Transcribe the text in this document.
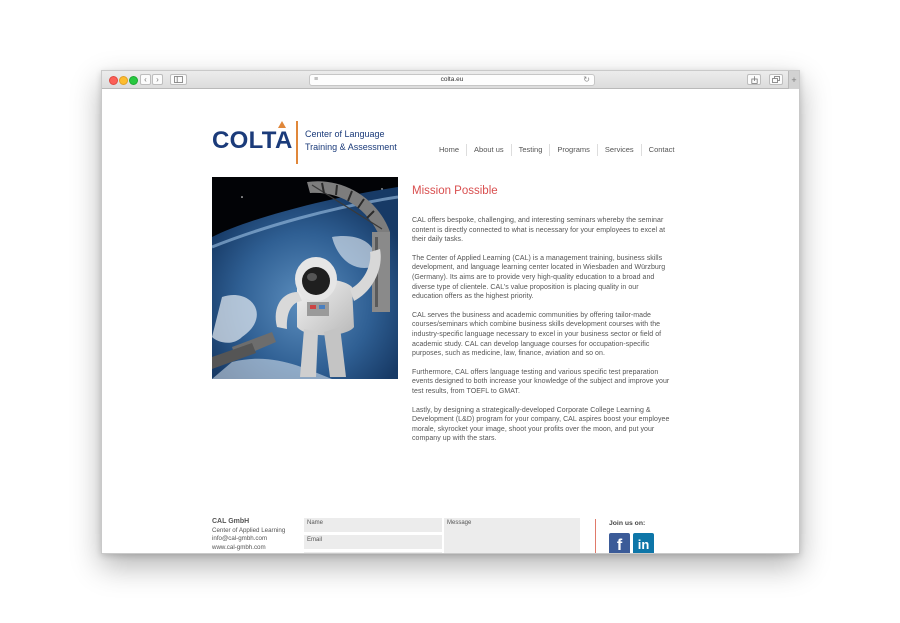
‹	›	≡	colta.eu	↻	+
COLTA Center of Language
Training & Assessment	Home	About us	Testing	Programs	Services	Contact
Mission Possible

CAL offers bespoke, challenging, and interesting seminars whereby the seminar content is directly connected to what is necessary for your employees to excel at their daily tasks.

The Center of Applied Learning (CAL) is a management training, business skills development, and language learning center located in Wiesbaden and Würzburg (Germany). Its aims are to provide very high-quality education to a broad and diverse type of clientele. CAL’s value proposition is placing quality in our education offers as the highest priority.

CAL serves the business and academic communities by offering tailor-made courses/seminars which combine business skills development courses with the industry-specific language necessary to excel in your business sector or field of academic study. CAL can develop language courses for occupation-specific purposes, such as medicine, law, finance, aviation and so on.

Furthermore, CAL offers language testing and various specific test preparation events designed to both increase your knowledge of the subject and improve your test results, from TOEFL to GMAT.

Lastly, by designing a strategically-developed Corporate College Learning & Development (L&D) program for your company, CAL aspires boost your employee morale, skyrocket your image, shoot your profits over the moon, and put your company up with the stars.

CAL GmbH
Center of Applied Learning
info@cal-gmbh.com
www.cal-gmbh.com
Name
Email
Message	Join us on:
f	in
